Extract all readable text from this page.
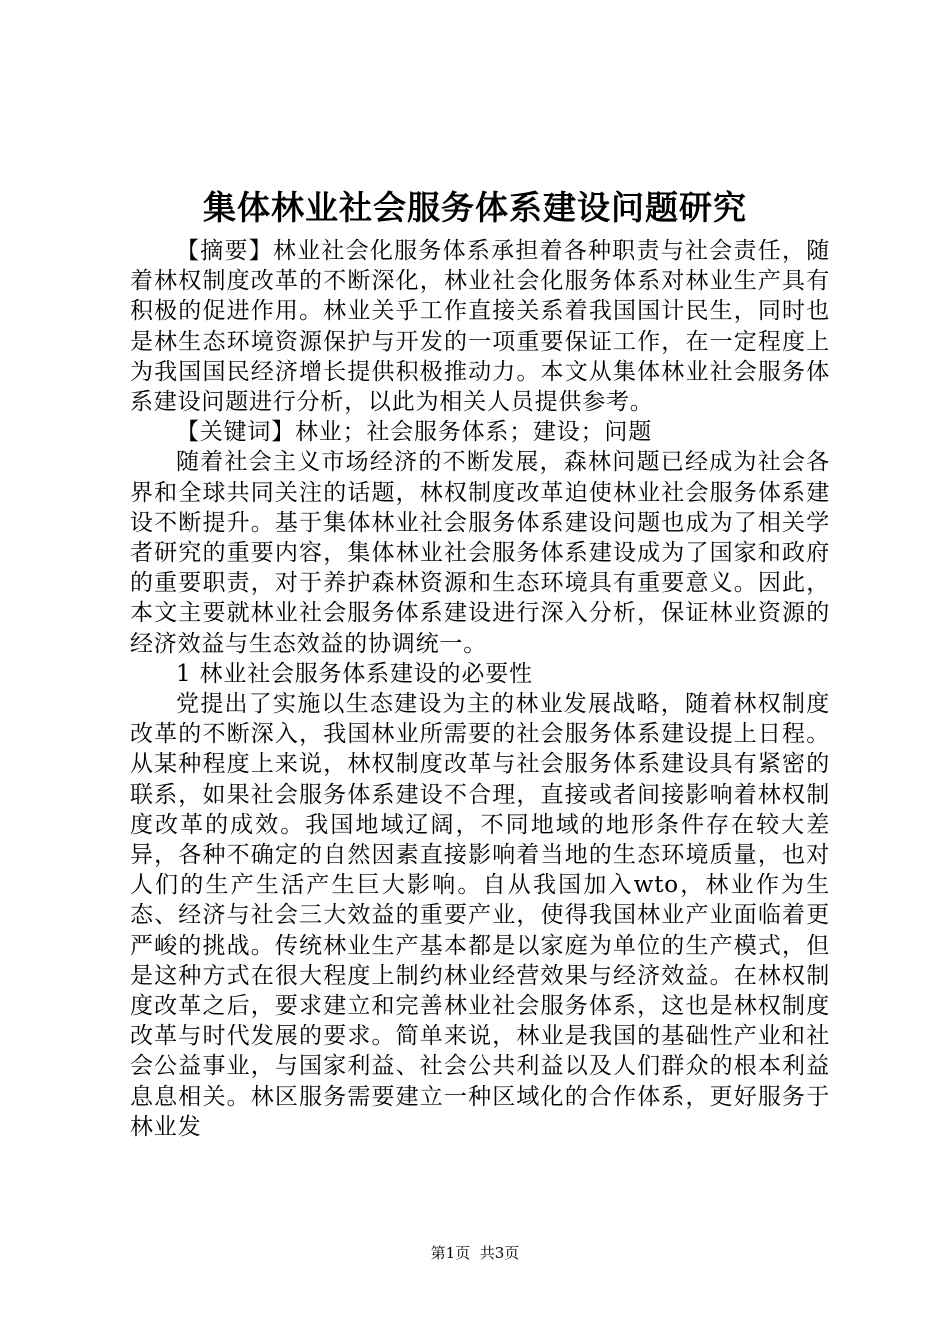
集体林业社会服务体系建设问题研究

【摘要】林业社会化服务体系承担着各种职责与社会责任，随着林权制度改革的不断深化，林业社会化服务体系对林业生产具有积极的促进作用。林业关乎工作直接关系着我国国计民生，同时也是林生态环境资源保护与开发的一项重要保证工作，在一定程度上为我国国民经济增长提供积极推动力。本文从集体林业社会服务体系建设问题进行分析，以此为相关人员提供参考。

【关键词】林业；社会服务体系；建设；问题

随着社会主义市场经济的不断发展，森林问题已经成为社会各界和全球共同关注的话题，林权制度改革迫使林业社会服务体系建设不断提升。基于集体林业社会服务体系建设问题也成为了相关学者研究的重要内容，集体林业社会服务体系建设成为了国家和政府的重要职责，对于养护森林资源和生态环境具有重要意义。因此，本文主要就林业社会服务体系建设进行深入分析，保证林业资源的经济效益与生态效益的协调统一。

1 林业社会服务体系建设的必要性

党提出了实施以生态建设为主的林业发展战略，随着林权制度改革的不断深入，我国林业所需要的社会服务体系建设提上日程。从某种程度上来说，林权制度改革与社会服务体系建设具有紧密的联系，如果社会服务体系建设不合理，直接或者间接影响着林权制度改革的成效。我国地域辽阔，不同地域的地形条件存在较大差异，各种不确定的自然因素直接影响着当地的生态环境质量，也对人们的生产生活产生巨大影响。自从我国加入wto，林业作为生态、经济与社会三大效益的重要产业，使得我国林业产业面临着更严峻的挑战。传统林业生产基本都是以家庭为单位的生产模式，但是这种方式在很大程度上制约林业经营效果与经济效益。在林权制度改革之后，要求建立和完善林业社会服务体系，这也是林权制度改革与时代发展的要求。简单来说，林业是我国的基础性产业和社会公益事业，与国家利益、社会公共利益以及人们群众的根本利益息息相关。林区服务需要建立一种区域化的合作体系，更好服务于林业发

第1页 共3页
